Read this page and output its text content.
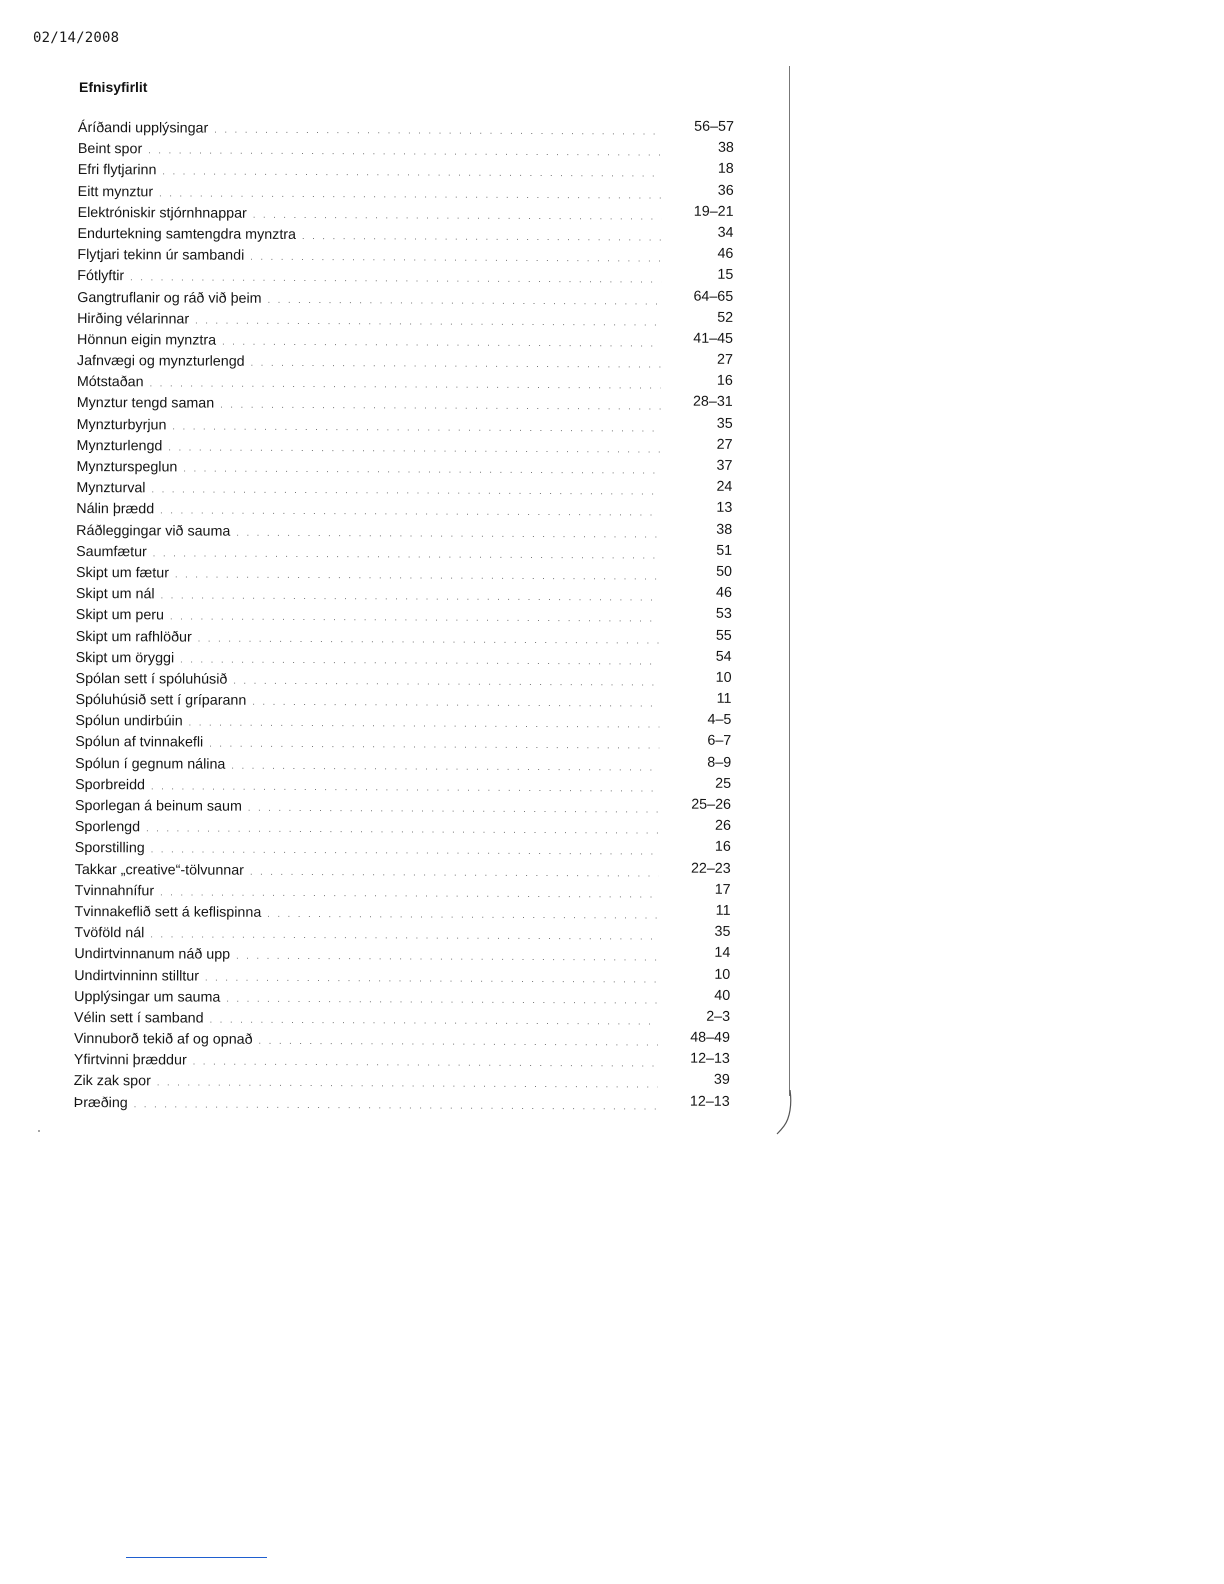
02/14/2008
Efnisyfirlit
Áríðandi upplýsingar . . .	56–57
Beint spor . . .	38
Efri flytjarinn . . .	18
Eitt mynztur . . .	36
Elektróniskir stjórnhnappar . . .	19–21
Endurtekning samtengdra mynztra . . .	34
Flytjari tekinn úr sambandi . . .	46
Fótlyftir . . .	15
Gangtruflanir og ráð við þeim . . .	64–65
Hirðing vélarinnar . . .	52
Hönnun eigin mynztra . . .	41–45
Jafnvægi og mynzturlengd . . .	27
Mótstaðan . . .	16
Mynztur tengd saman . . .	28–31
Mynzturbyrjun . . .	35
Mynzturlengd . . .	27
Mynzturspeglun . . .	37
Mynzturval . . .	24
Nálin þrædd . . .	13
Ráðleggingar við sauma . . .	38
Saumfætur . . .	51
Skipt um fætur . . .	50
Skipt um nál . . .	46
Skipt um peru . . .	53
Skipt um rafhlöður . . .	55
Skipt um öryggi . . .	54
Spólan sett í spóluhúsið . . .	10
Spóluhúsið sett í gríparann . . .	11
Spólun undirbúin . . .	4–5
Spólun af tvinnakefli . . .	6–7
Spólun í gegnum nálina . . .	8–9
Sporbreidd . . .	25
Sporlegan á beinum saum . . .	25–26
Sporlengd . . .	26
Sporstilling . . .	16
Takkar „creative“-tölvunnar . . .	22–23
Tvinnahnífur . . .	17
Tvinnakeflið sett á keflispinna . . .	11
Tvöföld nál . . .	35
Undirtvinnanum náð upp . . .	14
Undirtvinninn stilltur . . .	10
Upplýsingar um sauma . . .	40
Vélin sett í samband . . .	2–3
Vinnuborð tekið af og opnað . . .	48–49
Yfirtvinni þræddur . . .	12–13
Zik zak spor . . .	39
Þræðing . . .	12–13
